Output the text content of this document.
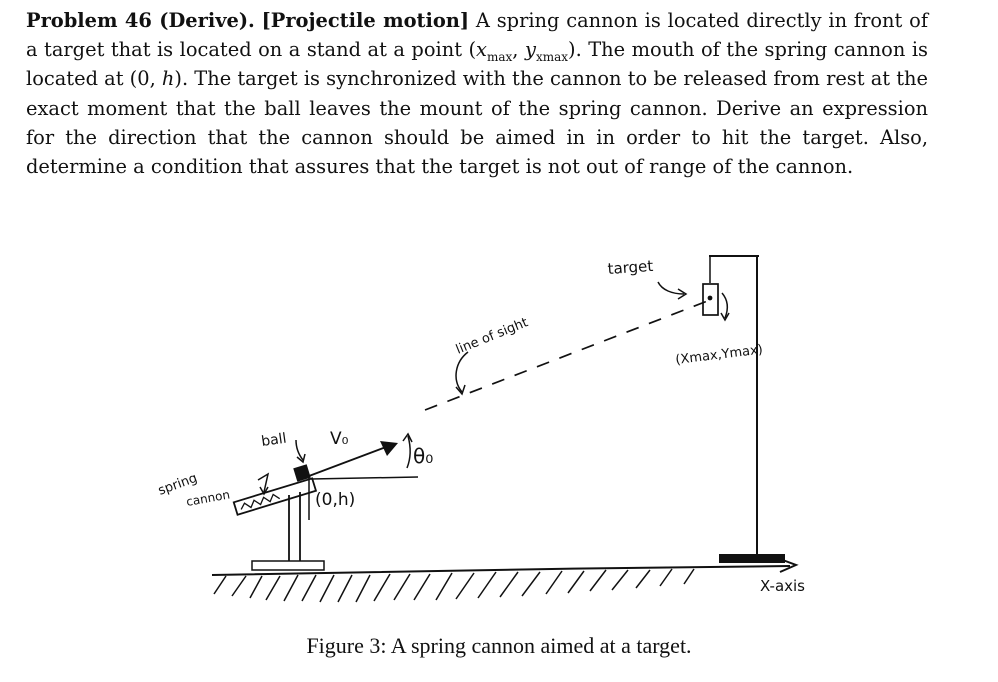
Problem 46 (Derive). [Projectile motion] A spring cannon is located directly in front of a target that is located on a stand at a point ($x_{max}$, $y_{xmax}$). The mouth of the spring cannon is located at (0, h). The target is synchronized with the cannon to be released from rest at the exact moment that the ball leaves the mount of the spring cannon. Derive an expression for the direction that the cannon should be aimed in in order to hit the target. Also, determine a condition that assures that the target is not out of range of the cannon.
target
line of sight	(Xmax,Ymax)
ball V₀
θ₀
spring
cannon	(0,h)
X-axis
Figure 3: A spring cannon aimed at a target.
